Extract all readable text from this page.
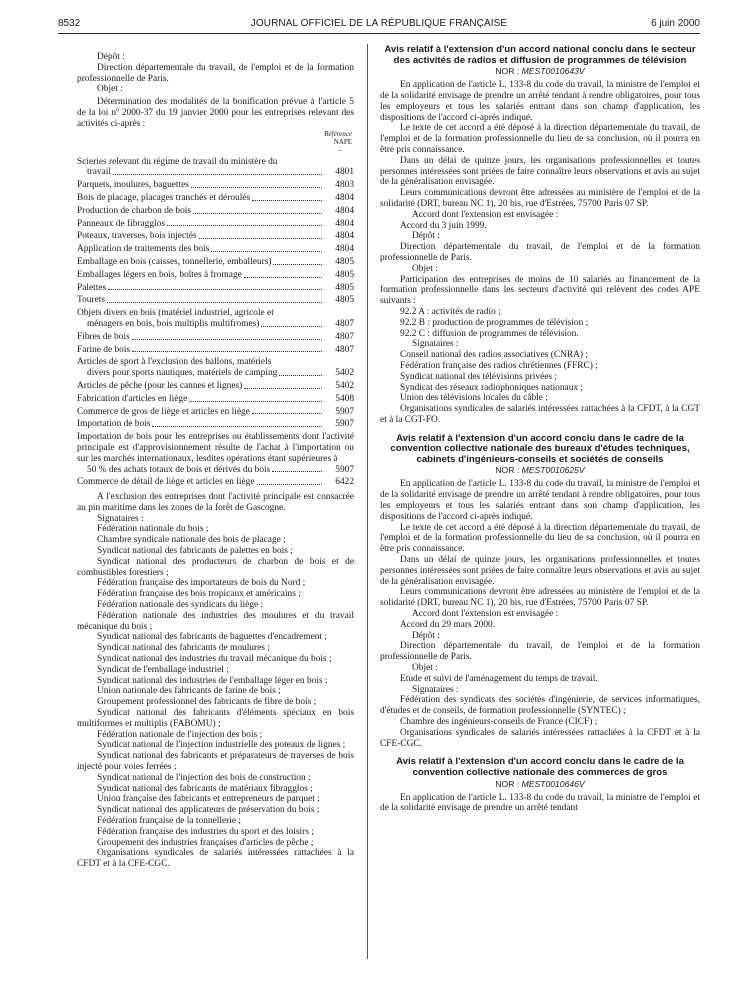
8532	JOURNAL OFFICIEL DE LA RÉPUBLIQUE FRANÇAISE	6 juin 2000

Dépôt :

Direction départementale du travail, de l'emploi et de la formation professionnelle de Paris.

Objet :

Détermination des modalités de la bonification prévue à l'article 5 de la loi nº 2000-37 du 19 janvier 2000 pour les entreprises relevant des activités ci-après :

Référence
NAPE
–

Scieries relevant du régime de travail du ministère du

travail	4801
Parquets, moulures, baguettes	4803
Bois de placage, placages tranchés et déroulés	4804
Production de charbon de bois	4804
Panneaux de fibragglos	4804
Poteaux, traverses, bois injectés	4804
Application de traitements des bois	4804
Emballage en bois (caisses, tonnellerie, emballeurs)	4805
Emballages légers en bois, boîtes à fromage	4805
Palettes	4805
Tourets	4805

Objets divers en bois (matériel industriel, agricole et

ménagers en bois, bois multiplis multifromes)	4807
Fibres de bois	4807
Farine de bois	4807

Articles de sport à l'exclusion des ballons, matériels

divers pour sports nautiques, matériels de camping	5402
Articles de pêche (pour les cannes et lignes)	5402
Fabrication d'articles en liège	5408
Commerce de gros de liège et articles en liège	5907
Importation de bois	5907

Importation de bois pour les entreprises ou établissements dont l'activité principale est d'approvisionnement résulte de l'achat à l'importation ou sur les marchés internationaux, lesdites opérations étant supérieures à

50 % des achats totaux de bois et dérivés du bois	5907
Commerce de détail de liège et articles en liège	6422

A l'exclusion des entreprises dont l'activité principale est consacrée au pin maritime dans les zones de la forêt de Gascogne.

Signataires :

Fédération nationale du bois ;

Chambre syndicale nationale des bois de placage ;

Syndicat national des fabricants de palettes en bois ;

Syndicat national des producteurs de charbon de bois et de combustibles forestiers ;

Fédération française des importateurs de bois du Nord ;

Fédération française des bois tropicaux et américains ;

Fédération nationale des syndicats du liège ;

Fédération nationale des industries des moulures et du travail mécanique du bois ;

Syndicat national des fabricants de baguettes d'encadrement ;

Syndicat national des fabricants de moulures ;

Syndicat national des industries du travail mécanique du bois ;

Syndicat de l'emballage industriel ;

Syndicat national des industries de l'emballage léger en bois ;

Union nationale des fabricants de farine de bois ;

Groupement professionnel des fabricants de fibre de bois ;

Syndicat national des fabricants d'éléments spéciaux en bois multiformes et multiplis (FABOMU) ;

Fédération nationale de l'injection des bois ;

Syndicat national de l'injection industrielle des poteaux de lignes ;

Syndicat national des fabricants et préparateurs de traverses de bois injecté pour voies ferrées ;

Syndicat national de l'injection des bois de construction ;

Syndicat national des fabricants de matériaux fibragglos ;

Union française des fabricants et entrepreneurs de parquet ;

Syndicat national des applicateurs de préservation du bois ;

Fédération française de la tonnellerie ;

Fédération française des industries du sport et des loisirs ;

Groupement des industries françaises d'articles de pêche ;

Organisations syndicales de salariés intéressées rattachées à la CFDT et à la CFE-CGC.

Avis relatif à l'extension d'un accord national conclu dans le secteur des activités de radios et diffusion de programmes de télévision
NOR : MEST0010643V

En application de l'article L. 133-8 du code du travail, la ministre de l'emploi et de la solidarité envisage de prendre un arrêté tendant à rendre obligatoires, pour tous les employeurs et tous les salariés entrant dans son champ d'application, les dispositions de l'accord ci-après indiqué.

Le texte de cet accord a été déposé à la direction départementale du travail, de l'emploi et de la formation professionnelle du lieu de sa conclusion, où il pourra en être pris connaissance.

Dans un délai de quinze jours, les organisations professionnelles et toutes personnes intéressées sont priées de faire connaître leurs observations et avis au sujet de la généralisation envisagée.

Leurs communications devront être adressées au ministère de l'emploi et de la solidarité (DRT, bureau NC 1), 20 bis, rue d'Estrées, 75700 Paris 07 SP.

Accord dont l'extension est envisagée :

Accord du 3 juin 1999.

Dépôt :

Direction départementale du travail, de l'emploi et de la formation professionnelle de Paris.

Objet :

Participation des entreprises de moins de 10 salariés au financement de la formation professionnelle dans les secteurs d'activité qui relèvent des codes APE suivants :

92.2 A : activités de radio ;

92.2 B : production de programmes de télévision ;

92.2 C : diffusion de programmes de télévision.

Signataires :

Conseil national des radios associatives (CNRA) ;

Fédération française des radios chrétiennes (FFRC) ;

Syndicat national des télévisions privées ;

Syndicat des réseaux radiophoniques nationaux ;

Union des télévisions locales du câble ;

Organisations syndicales de salariés intéressées rattachées à la CFDT, à la CGT et à la CGT-FO.

Avis relatif à l'extension d'un accord conclu dans le cadre de la convention collective nationale des bureaux d'études techniques, cabinets d'ingénieurs-conseils et sociétés de conseils
NOR : MEST0010625V

En application de l'article L. 133-8 du code du travail, la ministre de l'emploi et de la solidarité envisage de prendre un arrêté tendant à rendre obligatoires, pour tous les employeurs et tous les salariés entrant dans son champ d'application, les dispositions de l'accord ci-après indiqué.

Le texte de cet accord a été déposé à la direction départementale du travail, de l'emploi et de la formation professionnelle du lieu de sa conclusion, où il pourra en être pris connaissance.

Dans un délai de quinze jours, les organisations professionnelles et toutes personnes intéressées sont priées de faire connaître leurs observations et avis au sujet de la généralisation envisagée.

Leurs communications devront être adressées au ministère de l'emploi et de la solidarité (DRT, bureau NC 1), 20 bis, rue d'Estrées, 75700 Paris 07 SP.

Accord dont l'extension est envisagée :

Accord du 29 mars 2000.

Dépôt :

Direction départementale du travail, de l'emploi et de la formation professionnelle de Paris.

Objet :

Etude et suivi de l'aménagement du temps de travail.

Signataires :

Fédération des syndicats des sociétés d'ingénierie, de services informatiques, d'études et de conseils, de formation professionnelle (SYNTEC) ;

Chambre des ingénieurs-conseils de France (CICF) ;

Organisations syndicales de salariés intéressées rattachées à la CFDT et à la CFE-CGC.

Avis relatif à l'extension d'un accord conclu dans le cadre de la convention collective nationale des commerces de gros
NOR : MEST0010646V

En application de l'article L. 133-8 du code du travail, la ministre de l'emploi et de la solidarité envisage de prendre un arrêté tendant
